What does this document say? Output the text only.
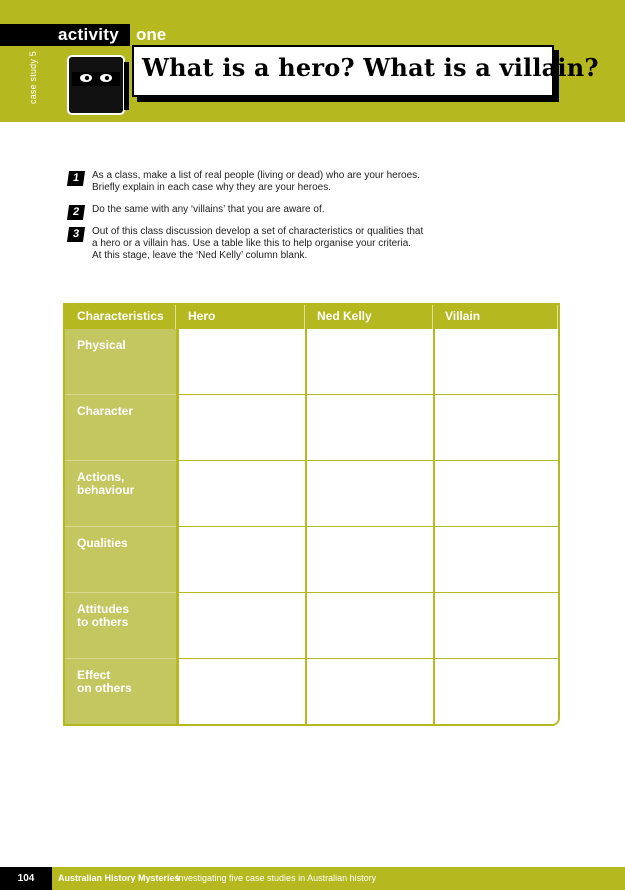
activity one
case study 5	What is a hero? What is a villain?
1	As a class, make a list of real people (living or dead) who are your heroes.
Briefly explain in each case why they are your heroes.
2	Do the same with any ‘villains’ that you are aware of.
3	Out of this class discussion develop a set of characteristics or qualities that
a hero or a villain has. Use a table like this to help organise your criteria.
At this stage, leave the ‘Ned Kelly’ column blank.
Characteristics	Hero	Ned Kelly	Villain
Physical
Character
Actions,
behaviour
Qualities
Attitudes
to others
Effect
on others
104	Australian History Mysteries
Investigating five case studies in Australian history
